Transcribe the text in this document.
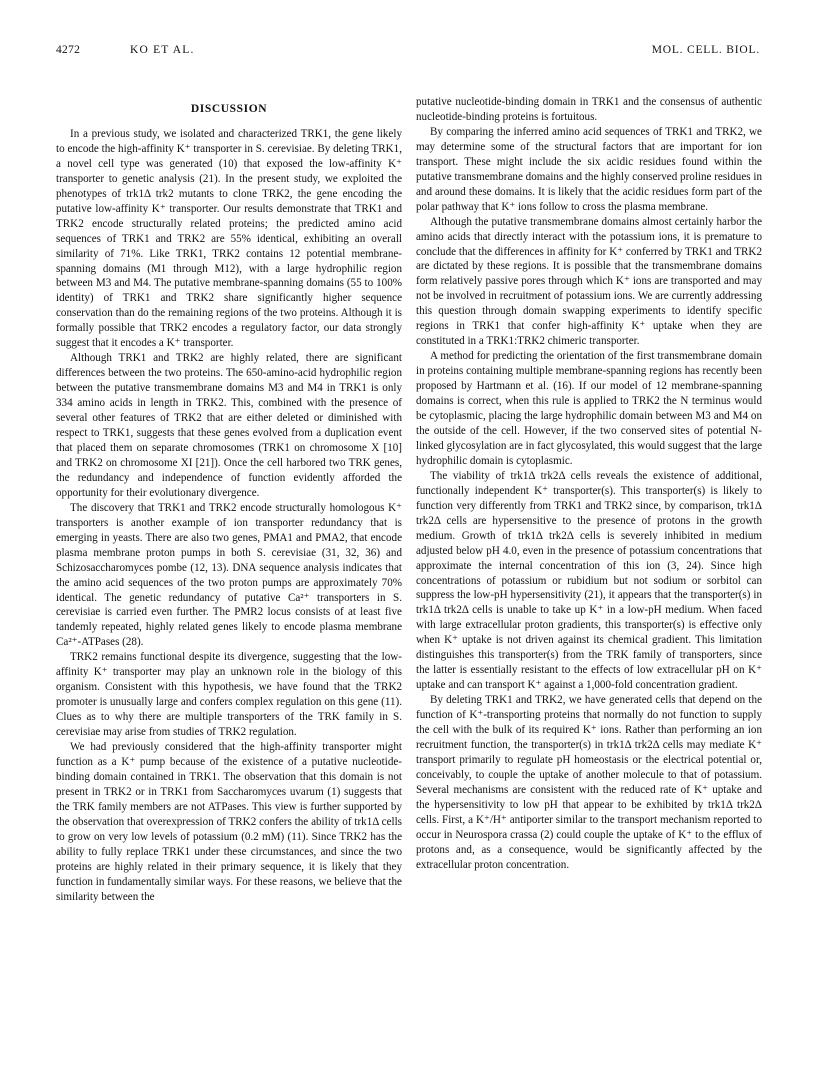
4272	KO ET AL.	MOL. CELL. BIOL.
DISCUSSION

In a previous study, we isolated and characterized TRK1, the gene likely to encode the high-affinity K⁺ transporter in S. cerevisiae. By deleting TRK1, a novel cell type was generated (10) that exposed the low-affinity K⁺ transporter to genetic analysis (21). In the present study, we exploited the phenotypes of trk1Δ trk2 mutants to clone TRK2, the gene encoding the putative low-affinity K⁺ transporter. Our results demonstrate that TRK1 and TRK2 encode structurally related proteins; the predicted amino acid sequences of TRK1 and TRK2 are 55% identical, exhibiting an overall similarity of 71%. Like TRK1, TRK2 contains 12 potential membrane-spanning domains (M1 through M12), with a large hydrophilic region between M3 and M4. The putative membrane-spanning domains (55 to 100% identity) of TRK1 and TRK2 share significantly higher sequence conservation than do the remaining regions of the two proteins. Although it is formally possible that TRK2 encodes a regulatory factor, our data strongly suggest that it encodes a K⁺ transporter.

Although TRK1 and TRK2 are highly related, there are significant differences between the two proteins. The 650-amino-acid hydrophilic region between the putative transmembrane domains M3 and M4 in TRK1 is only 334 amino acids in length in TRK2. This, combined with the presence of several other features of TRK2 that are either deleted or diminished with respect to TRK1, suggests that these genes evolved from a duplication event that placed them on separate chromosomes (TRK1 on chromosome X [10] and TRK2 on chromosome XI [21]). Once the cell harbored two TRK genes, the redundancy and independence of function evidently afforded the opportunity for their evolutionary divergence.

The discovery that TRK1 and TRK2 encode structurally homologous K⁺ transporters is another example of ion transporter redundancy that is emerging in yeasts. There are also two genes, PMA1 and PMA2, that encode plasma membrane proton pumps in both S. cerevisiae (31, 32, 36) and Schizosaccharomyces pombe (12, 13). DNA sequence analysis indicates that the amino acid sequences of the two proton pumps are approximately 70% identical. The genetic redundancy of putative Ca²⁺ transporters in S. cerevisiae is carried even further. The PMR2 locus consists of at least five tandemly repeated, highly related genes likely to encode plasma membrane Ca²⁺-ATPases (28).

TRK2 remains functional despite its divergence, suggesting that the low-affinity K⁺ transporter may play an unknown role in the biology of this organism. Consistent with this hypothesis, we have found that the TRK2 promoter is unusually large and confers complex regulation on this gene (11). Clues as to why there are multiple transporters of the TRK family in S. cerevisiae may arise from studies of TRK2 regulation.

We had previously considered that the high-affinity transporter might function as a K⁺ pump because of the existence of a putative nucleotide-binding domain contained in TRK1. The observation that this domain is not present in TRK2 or in TRK1 from Saccharomyces uvarum (1) suggests that the TRK family members are not ATPases. This view is further supported by the observation that overexpression of TRK2 confers the ability of trk1Δ cells to grow on very low levels of potassium (0.2 mM) (11). Since TRK2 has the ability to fully replace TRK1 under these circumstances, and since the two proteins are highly related in their primary sequence, it is likely that they function in fundamentally similar ways. For these reasons, we believe that the similarity between the

putative nucleotide-binding domain in TRK1 and the consensus of authentic nucleotide-binding proteins is fortuitous.

By comparing the inferred amino acid sequences of TRK1 and TRK2, we may determine some of the structural factors that are important for ion transport. These might include the six acidic residues found within the putative transmembrane domains and the highly conserved proline residues in and around these domains. It is likely that the acidic residues form part of the polar pathway that K⁺ ions follow to cross the plasma membrane.

Although the putative transmembrane domains almost certainly harbor the amino acids that directly interact with the potassium ions, it is premature to conclude that the differences in affinity for K⁺ conferred by TRK1 and TRK2 are dictated by these regions. It is possible that the transmembrane domains form relatively passive pores through which K⁺ ions are transported and may not be involved in recruitment of potassium ions. We are currently addressing this question through domain swapping experiments to identify specific regions in TRK1 that confer high-affinity K⁺ uptake when they are constituted in a TRK1:TRK2 chimeric transporter.

A method for predicting the orientation of the first transmembrane domain in proteins containing multiple membrane-spanning regions has recently been proposed by Hartmann et al. (16). If our model of 12 membrane-spanning domains is correct, when this rule is applied to TRK2 the N terminus would be cytoplasmic, placing the large hydrophilic domain between M3 and M4 on the outside of the cell. However, if the two conserved sites of potential N-linked glycosylation are in fact glycosylated, this would suggest that the large hydrophilic domain is cytoplasmic.

The viability of trk1Δ trk2Δ cells reveals the existence of additional, functionally independent K⁺ transporter(s). This transporter(s) is likely to function very differently from TRK1 and TRK2 since, by comparison, trk1Δ trk2Δ cells are hypersensitive to the presence of protons in the growth medium. Growth of trk1Δ trk2Δ cells is severely inhibited in medium adjusted below pH 4.0, even in the presence of potassium concentrations that approximate the internal concentration of this ion (3, 24). Since high concentrations of potassium or rubidium but not sodium or sorbitol can suppress the low-pH hypersensitivity (21), it appears that the transporter(s) in trk1Δ trk2Δ cells is unable to take up K⁺ in a low-pH medium. When faced with large extracellular proton gradients, this transporter(s) is effective only when K⁺ uptake is not driven against its chemical gradient. This limitation distinguishes this transporter(s) from the TRK family of transporters, since the latter is essentially resistant to the effects of low extracellular pH on K⁺ uptake and can transport K⁺ against a 1,000-fold concentration gradient.

By deleting TRK1 and TRK2, we have generated cells that depend on the function of K⁺-transporting proteins that normally do not function to supply the cell with the bulk of its required K⁺ ions. Rather than performing an ion recruitment function, the transporter(s) in trk1Δ trk2Δ cells may mediate K⁺ transport primarily to regulate pH homeostasis or the electrical potential or, conceivably, to couple the uptake of another molecule to that of potassium. Several mechanisms are consistent with the reduced rate of K⁺ uptake and the hypersensitivity to low pH that appear to be exhibited by trk1Δ trk2Δ cells. First, a K⁺/H⁺ antiporter similar to the transport mechanism reported to occur in Neurospora crassa (2) could couple the uptake of K⁺ to the efflux of protons and, as a consequence, would be significantly affected by the extracellular proton concentration.
